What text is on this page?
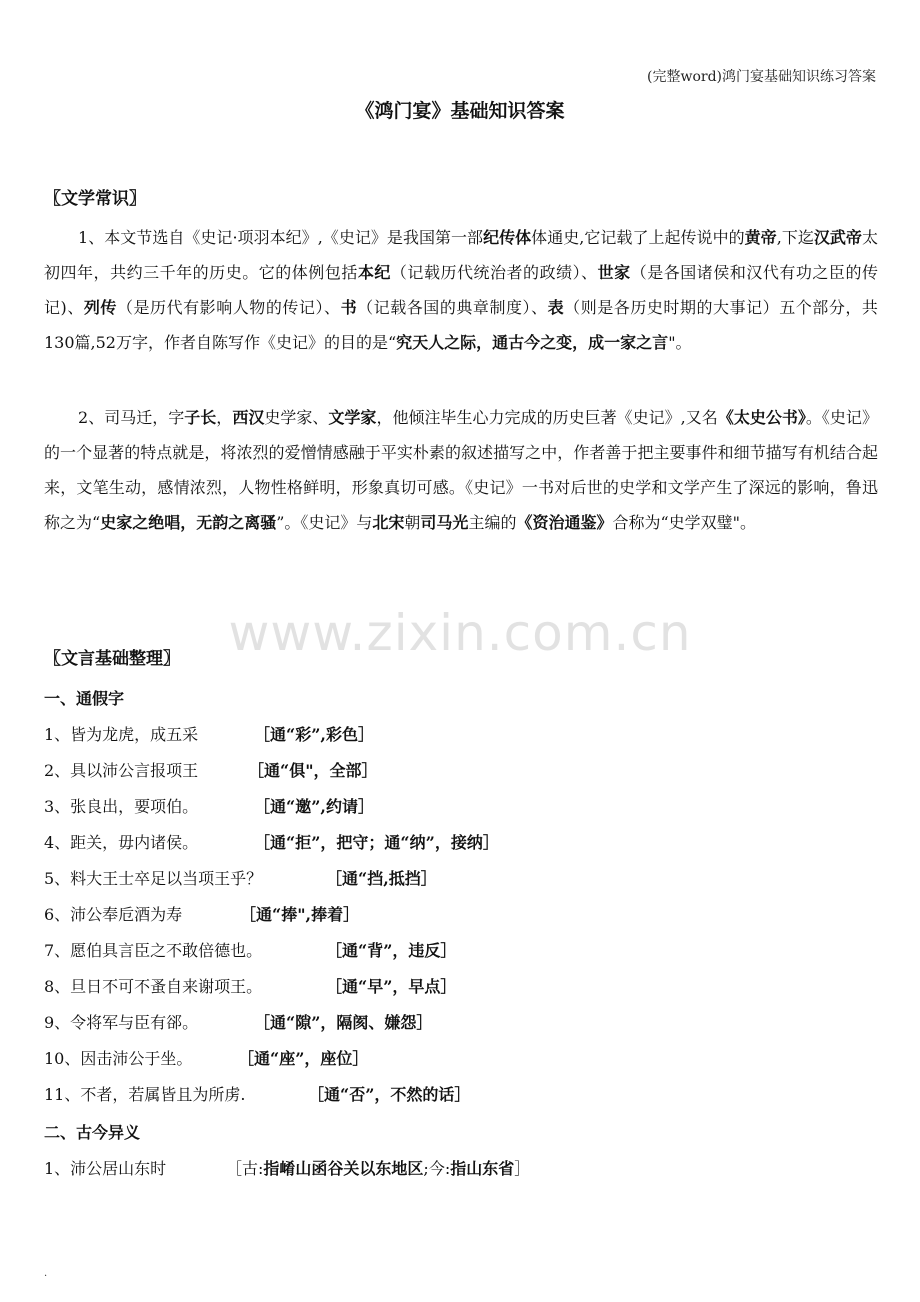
(完整word)鸿门宴基础知识练习答案
《鸿门宴》基础知识答案
〖文学常识〗
1、本文节选自《史记·项羽本纪》,《史记》是我国第一部纪传体体通史,它记载了上起传说中的黄帝,下迄汉武帝太初四年，共约三千年的历史。它的体例包括本纪（记载历代统治者的政绩）、世家（是各国诸侯和汉代有功之臣的传记)、列传（是历代有影响人物的传记）、书（记载各国的典章制度）、表（则是各历史时期的大事记）五个部分，共130篇,52万字，作者自陈写作《史记》的目的是“究天人之际，通古今之变，成一家之言"。
2、司马迁，字子长，西汉史学家、文学家，他倾注毕生心力完成的历史巨著《史记》,又名《太史公书》。《史记》的一个显著的特点就是，将浓烈的爱憎情感融于平实朴素的叙述描写之中，作者善于把主要事件和细节描写有机结合起来，文笔生动，感情浓烈，人物性格鲜明，形象真切可感。《史记》一书对后世的史学和文学产生了深远的影响，鲁迅称之为“史家之绝唱，无韵之离骚”。《史记》与北宋朝司马光主编的《资治通鉴》合称为“史学双璧"。
www.zixin.com.cn
〖文言基础整理〗
一、通假字
1、皆为龙虎，成五采	［通“彩”,彩色］
2、具以沛公言报项王	［通“俱"，全部］
3、张良出，要项伯。	［通“邀”,约请］
4、距关，毋内诸侯。	［通“拒”，把守；通“纳”，接纳］
5、料大王士卒足以当项王乎？	［通“挡,抵挡］
6、沛公奉卮酒为寿	［通“捧",捧着］
7、愿伯具言臣之不敢倍德也。	［通“背”，违反］
8、旦日不可不蚤自来谢项王。	［通“早”，早点］
9、令将军与臣有郤。	［通“隙”，隔阂、嫌怨］
10、因击沛公于坐。	［通“座”，座位］
11、不者，若属皆且为所虏.	［通“否”，不然的话］
二、古今异义
1、沛公居山东时	［古:指崤山函谷关以东地区;今:指山东省］
.
